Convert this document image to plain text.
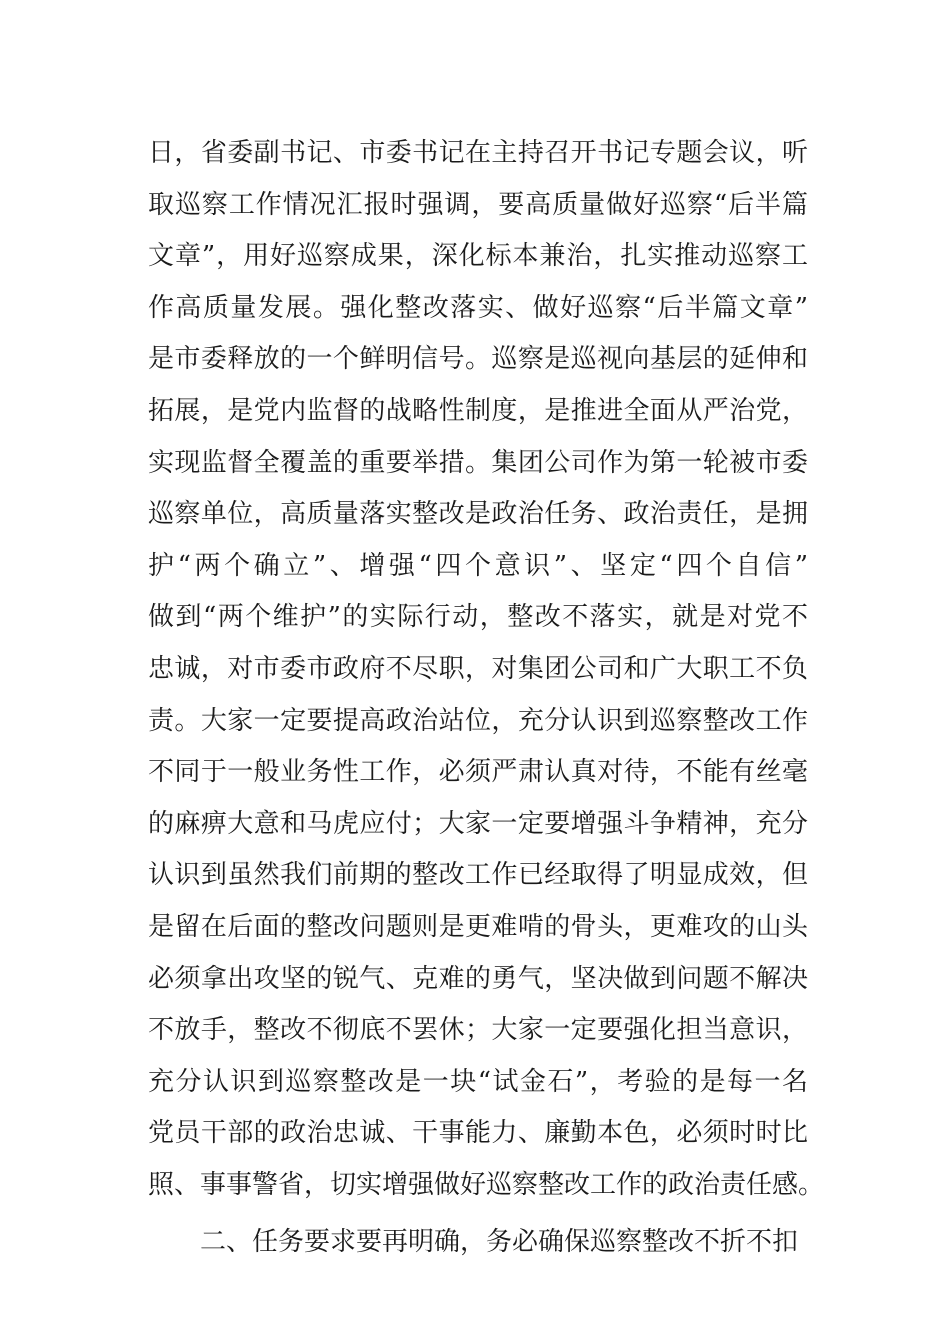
日，省委副书记、市委书记在主持召开书记专题会议，听
取巡察工作情况汇报时强调，要高质量做好巡察“后半篇
文章”，用好巡察成果，深化标本兼治，扎实推动巡察工
作高质量发展。强化整改落实、做好巡察“后半篇文章”
是市委释放的一个鲜明信号。巡察是巡视向基层的延伸和
拓展，是党内监督的战略性制度，是推进全面从严治党，
实现监督全覆盖的重要举措。集团公司作为第一轮被市委
巡察单位，高质量落实整改是政治任务、政治责任，是拥
护“两个确立”、增强“四个意识”、坚定“四个自信”
做到“两个维护”的实际行动，整改不落实，就是对党不
忠诚，对市委市政府不尽职，对集团公司和广大职工不负
责。大家一定要提高政治站位，充分认识到巡察整改工作
不同于一般业务性工作，必须严肃认真对待，不能有丝毫
的麻痹大意和马虎应付；大家一定要增强斗争精神，充分
认识到虽然我们前期的整改工作已经取得了明显成效，但
是留在后面的整改问题则是更难啃的骨头，更难攻的山头
必须拿出攻坚的锐气、克难的勇气，坚决做到问题不解决
不放手，整改不彻底不罢休；大家一定要强化担当意识，
充分认识到巡察整改是一块“试金石”，考验的是每一名
党员干部的政治忠诚、干事能力、廉勤本色，必须时时比
照、事事警省，切实增强做好巡察整改工作的政治责任感。
二、任务要求要再明确，务必确保巡察整改不折不扣
